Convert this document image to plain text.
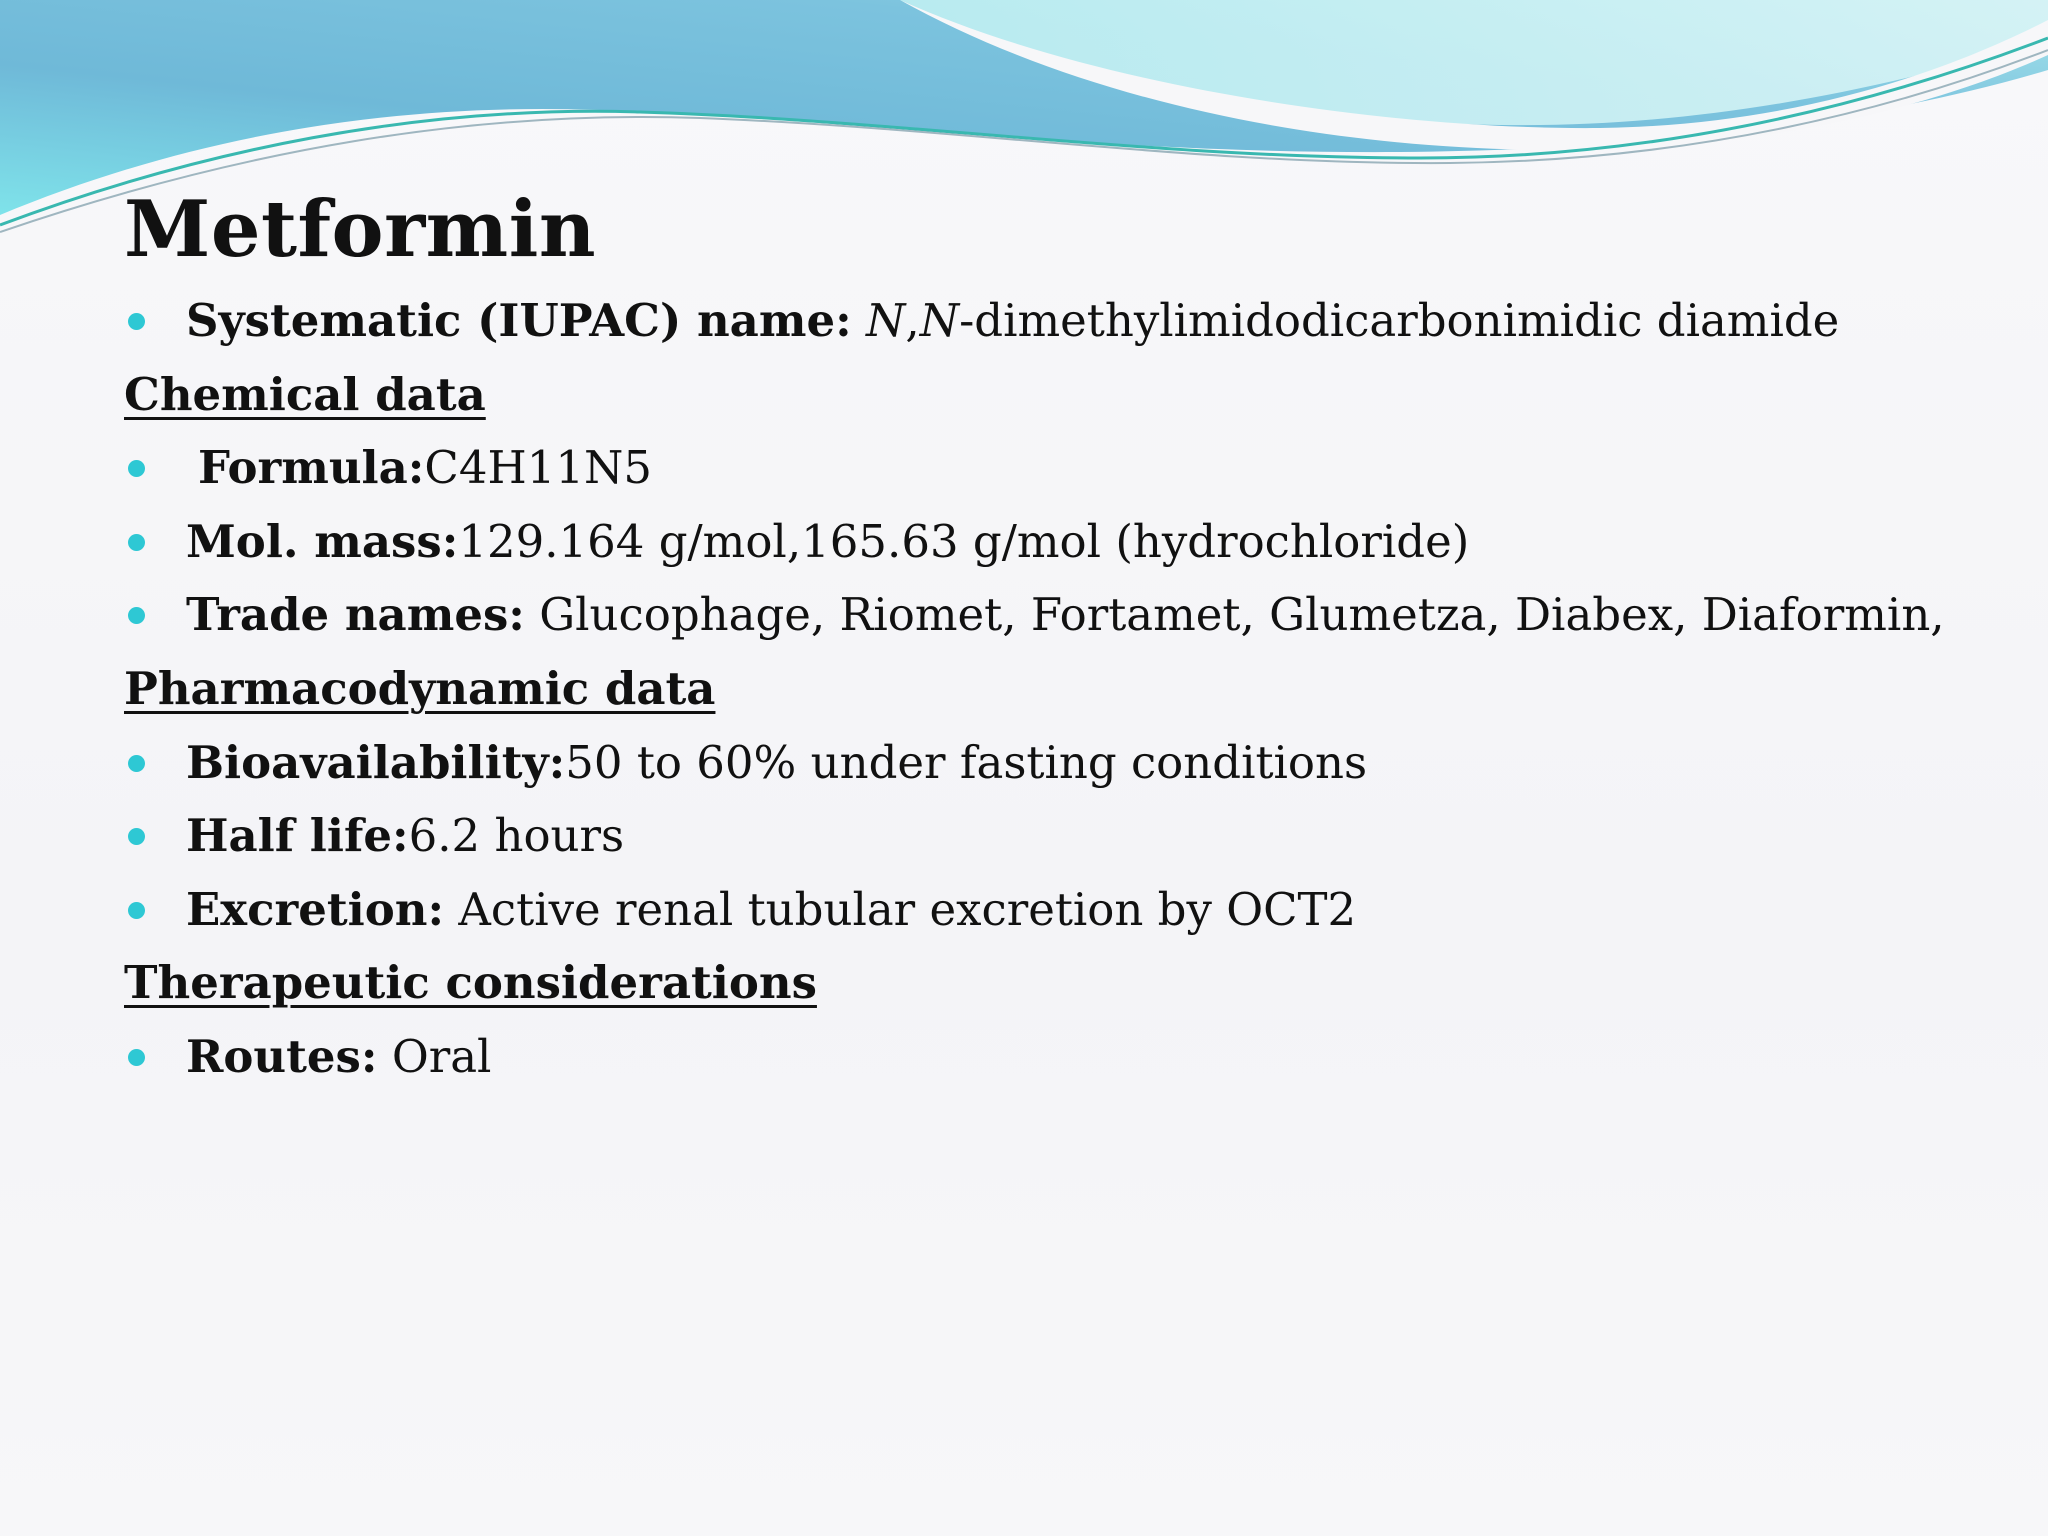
Metformin
Systematic (IUPAC) name: N,N-dimethylimidodicarbonimidic diamide
Chemical data
Formula:C4H11N5
Mol. mass:129.164 g/mol,165.63 g/mol (hydrochloride)
Trade names: Glucophage, Riomet, Fortamet, Glumetza, Diabex, Diaformin,
Pharmacodynamic data
Bioavailability:50 to 60% under fasting conditions
Half life:6.2 hours
Excretion: Active renal tubular excretion by OCT2
Therapeutic considerations
Routes: Oral
